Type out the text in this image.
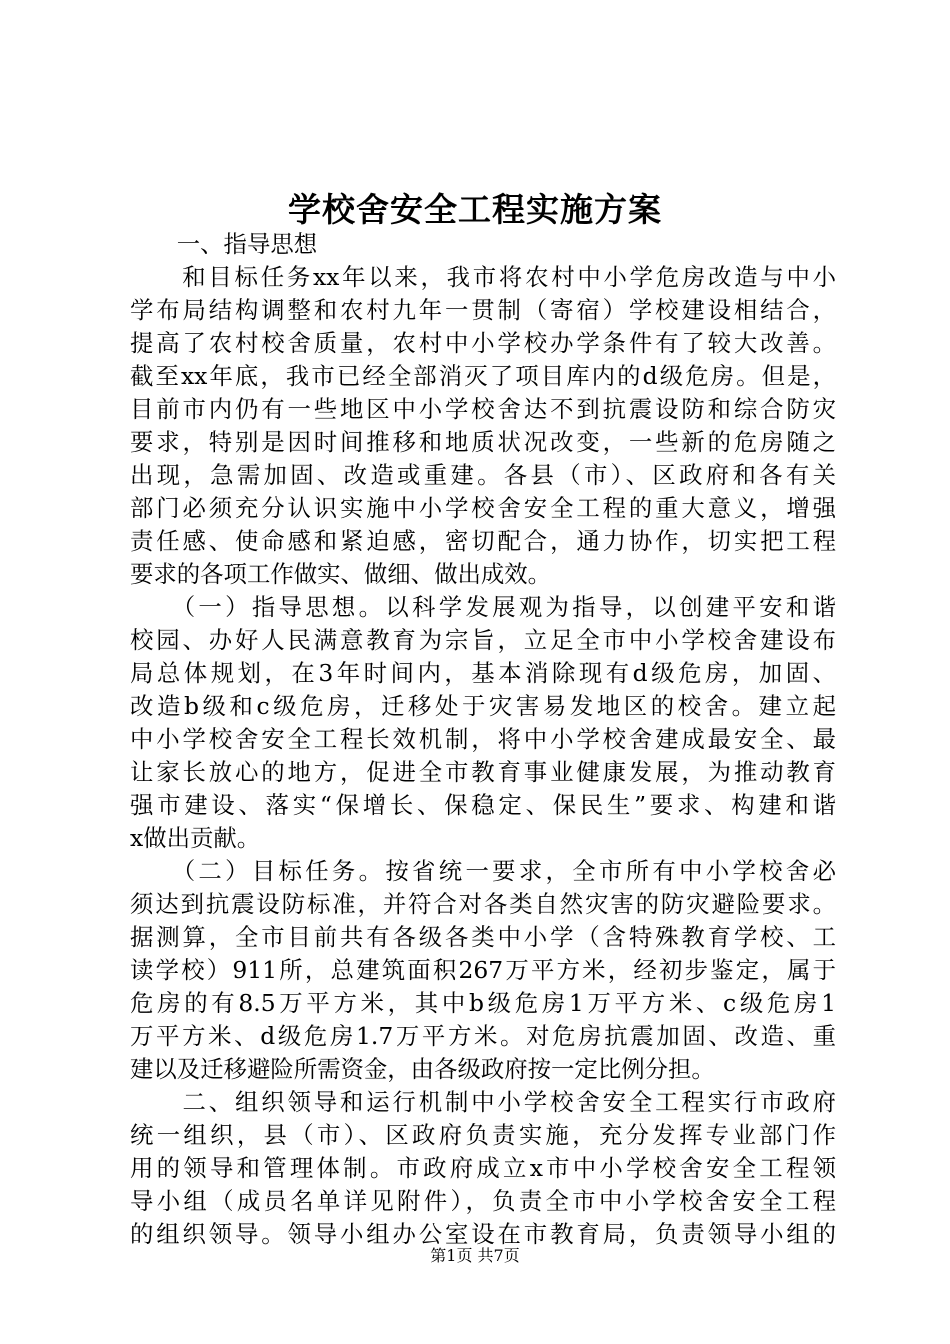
学校舍安全工程实施方案
　　一、指导思想
　　和目标任务xx年以来，我市将农村中小学危房改造与中小
学布局结构调整和农村九年一贯制（寄宿）学校建设相结合，
提高了农村校舍质量，农村中小学校办学条件有了较大改善。
截至xx年底，我市已经全部消灭了项目库内的d级危房。但是，
目前市内仍有一些地区中小学校舍达不到抗震设防和综合防灾
要求，特别是因时间推移和地质状况改变，一些新的危房随之
出现，急需加固、改造或重建。各县（市）、区政府和各有关
部门必须充分认识实施中小学校舍安全工程的重大意义，增强
责任感、使命感和紧迫感，密切配合，通力协作，切实把工程
要求的各项工作做实、做细、做出成效。
　　（一）指导思想。以科学发展观为指导，以创建平安和谐
校园、办好人民满意教育为宗旨，立足全市中小学校舍建设布
局总体规划，在3年时间内，基本消除现有d级危房，加固、
改造b级和c级危房，迁移处于灾害易发地区的校舍。建立起
中小学校舍安全工程长效机制，将中小学校舍建成最安全、最
让家长放心的地方，促进全市教育事业健康发展，为推动教育
强市建设、落实“保增长、保稳定、保民生”要求、构建和谐
x做出贡献。
　　（二）目标任务。按省统一要求，全市所有中小学校舍必
须达到抗震设防标准，并符合对各类自然灾害的防灾避险要求。
据测算，全市目前共有各级各类中小学（含特殊教育学校、工
读学校）911所，总建筑面积267万平方米，经初步鉴定，属于
危房的有8.5万平方米，其中b级危房1万平方米、c级危房1
万平方米、d级危房1.7万平方米。对危房抗震加固、改造、重
建以及迁移避险所需资金，由各级政府按一定比例分担。
　　二、组织领导和运行机制中小学校舍安全工程实行市政府
统一组织，县（市）、区政府负责实施，充分发挥专业部门作
用的领导和管理体制。市政府成立x市中小学校舍安全工程领
导小组（成员名单详见附件），负责全市中小学校舍安全工程
的组织领导。领导小组办公室设在市教育局，负责领导小组的
第1页 共7页
